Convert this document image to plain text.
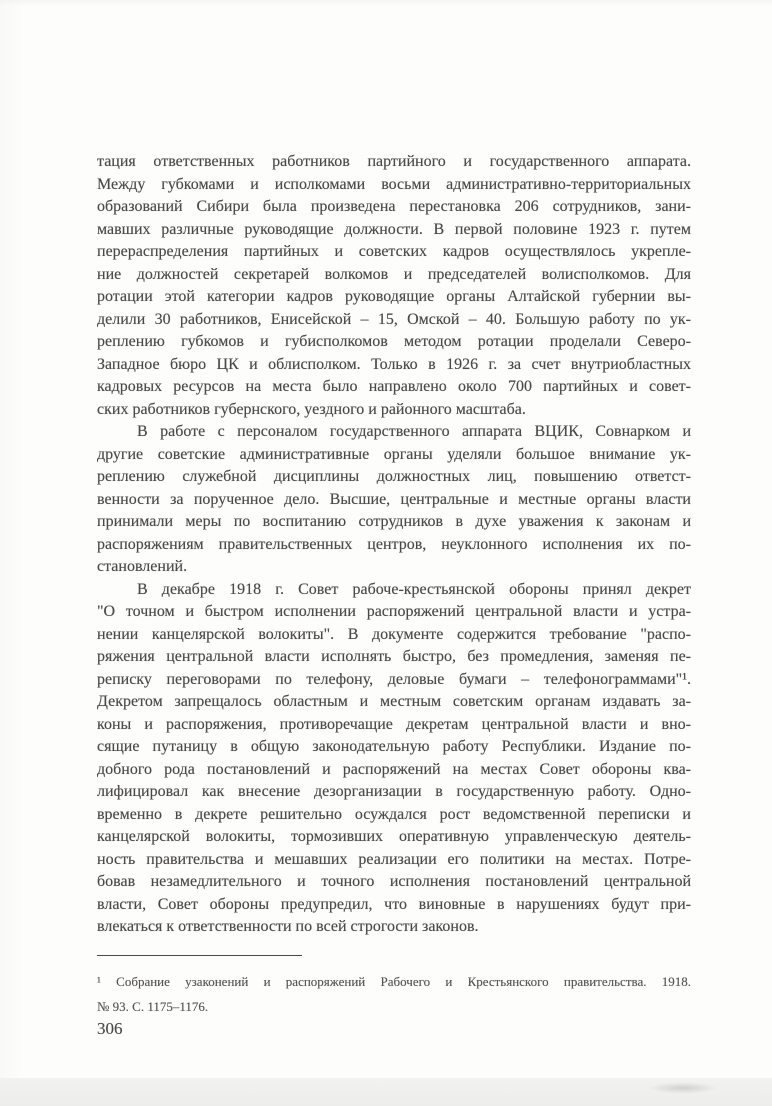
тация ответственных работников партийного и государственного аппарата.
Между губкомами и исполкомами восьми административно-территориальных
образований Сибири была произведена перестановка 206 сотрудников, зани-
мавших различные руководящие должности. В первой половине 1923 г. путем
перераспределения партийных и советских кадров осуществлялось укрепле-
ние должностей секретарей волкомов и председателей волисполкомов. Для
ротации этой категории кадров руководящие органы Алтайской губернии вы-
делили 30 работников, Енисейской – 15, Омской – 40. Большую работу по ук-
реплению губкомов и губисполкомов методом ротации проделали Северо-
Западное бюро ЦК и облисполком. Только в 1926 г. за счет внутриобластных
кадровых ресурсов на места было направлено около 700 партийных и совет-
ских работников губернского, уездного и районного масштаба.
В работе с персоналом государственного аппарата ВЦИК, Совнарком и
другие советские административные органы уделяли большое внимание ук-
реплению служебной дисциплины должностных лиц, повышению ответст-
венности за порученное дело. Высшие, центральные и местные органы власти
принимали меры по воспитанию сотрудников в духе уважения к законам и
распоряжениям правительственных центров, неуклонного исполнения их по-
становлений.
В декабре 1918 г. Совет рабоче-крестьянской обороны принял декрет
"О точном и быстром исполнении распоряжений центральной власти и устра-
нении канцелярской волокиты". В документе содержится требование "распо-
ряжения центральной власти исполнять быстро, без промедления, заменяя пе-
реписку переговорами по телефону, деловые бумаги – телефонограммами"¹.
Декретом запрещалось областным и местным советским органам издавать за-
коны и распоряжения, противоречащие декретам центральной власти и вно-
сящие путаницу в общую законодательную работу Республики. Издание по-
добного рода постановлений и распоряжений на местах Совет обороны ква-
лифицировал как внесение дезорганизации в государственную работу. Одно-
временно в декрете решительно осуждался рост ведомственной переписки и
канцелярской волокиты, тормозивших оперативную управленческую деятель-
ность правительства и мешавших реализации его политики на местах. Потре-
бовав незамедлительного и точного исполнения постановлений центральной
власти, Совет обороны предупредил, что виновные в нарушениях будут при-
влекаться к ответственности по всей строгости законов.
¹ Собрание узаконений и распоряжений Рабочего и Крестьянского правительства. 1918.
№ 93. С. 1175–1176.
306
